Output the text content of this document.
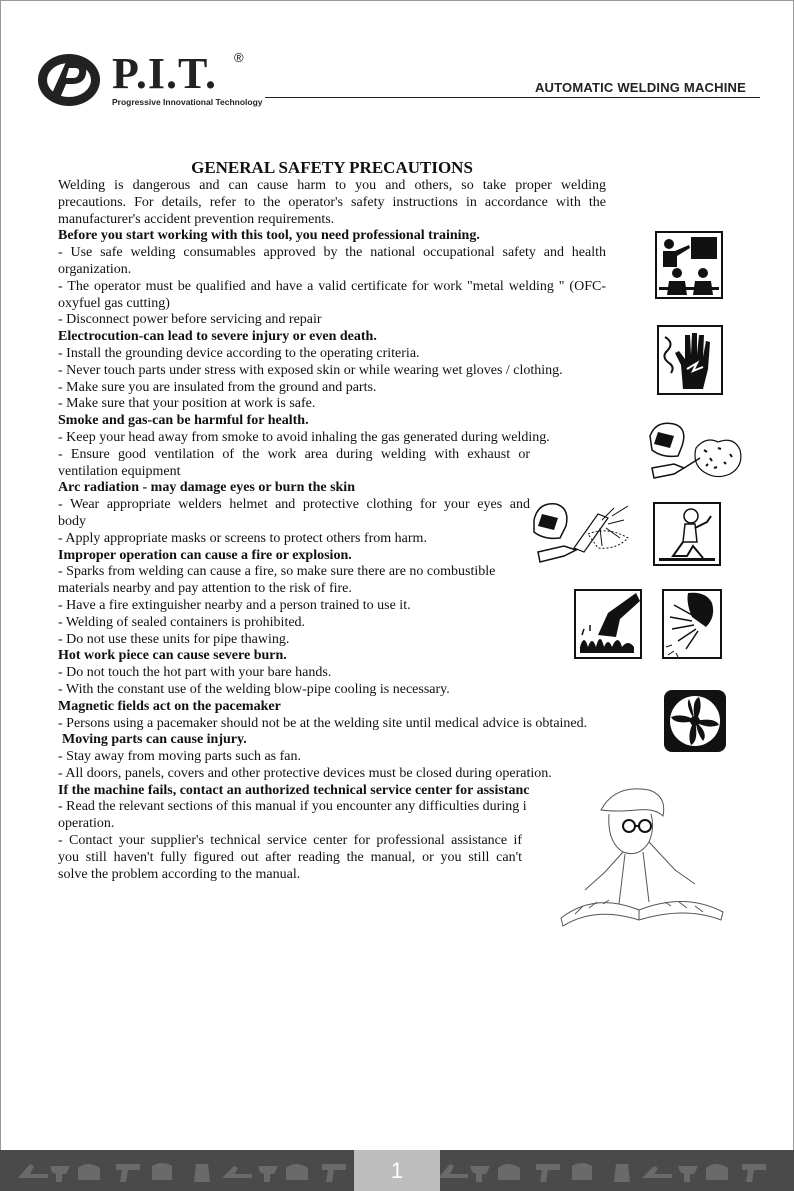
P.I.T. ®
Progressive Innovational Technology
AUTOMATIC WELDING MACHINE
GENERAL SAFETY PRECAUTIONS

Welding is dangerous and can cause harm to you and others, so take proper welding

precautions. For details, refer to the operator's safety instructions in accordance with the

manufacturer's accident prevention requirements.

Before you start working with this tool, you need professional training.

- Use safe welding consumables approved by the national occupational safety and health

organization.

- The operator must be qualified and have a valid certificate for work "metal welding " (OFC-

oxyfuel gas cutting)

- Disconnect power before servicing and repair

Electrocution-can lead to severe injury or even death.

- Install the grounding device according to the operating criteria.

- Never touch parts under stress with exposed skin or while wearing wet gloves / clothing.

- Make sure you are insulated from the ground and parts.

- Make sure that your position at work is safe.

Smoke and gas-can be harmful for health.

- Keep your head away from smoke to avoid inhaling the gas generated during welding.

- Ensure good ventilation of the work area during welding with exhaust or

ventilation equipment

Arc radiation - may damage eyes or burn the skin

- Wear appropriate welders helmet and protective clothing for your eyes and

body

- Apply appropriate masks or screens to protect others from harm.

Improper operation can cause a fire or explosion.

- Sparks from welding can cause a fire, so make sure there are no combustible

materials nearby and pay attention to the risk of fire.

- Have a fire extinguisher nearby and a person trained to use it.

- Welding of sealed containers is prohibited.

- Do not use these units for pipe thawing.

Hot work piece can cause severe burn.

- Do not touch the hot part with your bare hands.

- With the constant use of the welding blow-pipe cooling is necessary.

Magnetic fields act on the pacemaker

- Persons using a pacemaker should not be at the welding site until medical advice is obtained.

Moving parts can cause injury.

- Stay away from moving parts such as fan.

- All doors, panels, covers and other protective devices must be closed during operation.

If the machine fails, contact an authorized technical service center for assistanc

- Read the relevant sections of this manual if you encounter any difficulties during i

operation.

- Contact your supplier's technical service center for professional assistance if

you still haven't fully figured out after reading the manual, or you still can't

solve the problem according to the manual.

1
